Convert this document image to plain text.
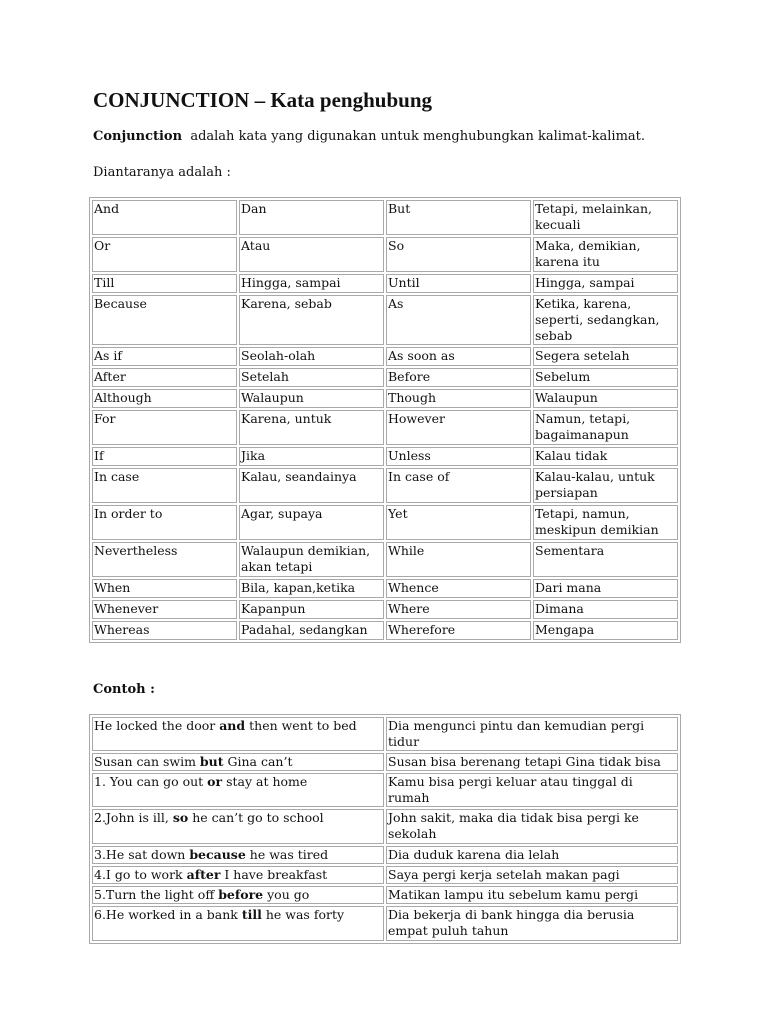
CONJUNCTION – Kata penghubung

Conjunction  adalah kata yang digunakan untuk menghubungkan kalimat-kalimat.

Diantaranya adalah :

And	Dan	But	Tetapi, melainkan, kecuali
Or	Atau	So	Maka, demikian, karena itu
Till	Hingga, sampai	Until	Hingga, sampai
Because	Karena, sebab	As	Ketika, karena, seperti, sedangkan, sebab
As if	Seolah-olah	As soon as	Segera setelah
After	Setelah	Before	Sebelum
Although	Walaupun	Though	Walaupun
For	Karena, untuk	However	Namun, tetapi, bagaimanapun
If	Jika	Unless	Kalau tidak
In case	Kalau, seandainya	In case of	Kalau-kalau, untuk persiapan
In order to	Agar, supaya	Yet	Tetapi, namun, meskipun demikian
Nevertheless	Walaupun demikian, akan tetapi	While	Sementara
When	Bila, kapan,ketika	Whence	Dari mana
Whenever	Kapanpun	Where	Dimana
Whereas	Padahal, sedangkan	Wherefore	Mengapa

Contoh :

He locked the door and then went to bed	Dia mengunci pintu dan kemudian pergi tidur
Susan can swim but Gina can’t	Susan bisa berenang tetapi Gina tidak bisa
1. You can go out or stay at home	Kamu bisa pergi keluar atau tinggal di rumah
2.John is ill, so he can’t go to school	John sakit, maka dia tidak bisa pergi ke sekolah
3.He sat down because he was tired	Dia duduk karena dia lelah
4.I go to work after I have breakfast	Saya pergi kerja setelah makan pagi
5.Turn the light off before you go	Matikan lampu itu sebelum kamu pergi
6.He worked in a bank till he was forty	Dia bekerja di bank hingga dia berusia empat puluh tahun
